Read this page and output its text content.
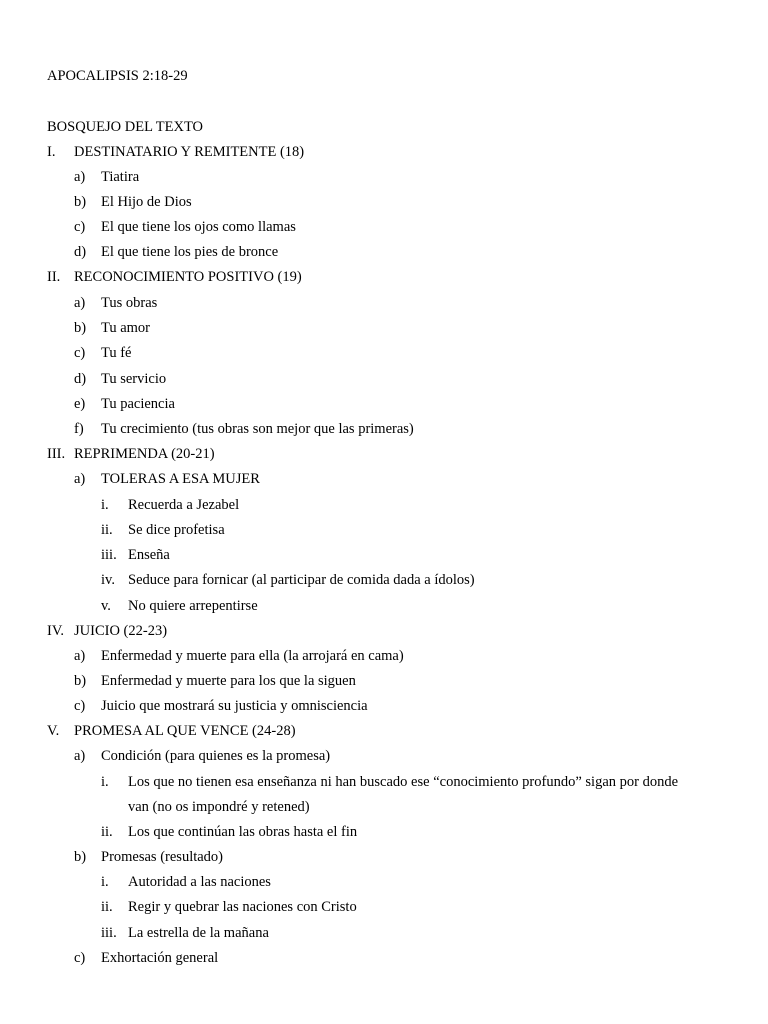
APOCALIPSIS 2:18-29
BOSQUEJO DEL TEXTO
I. DESTINATARIO Y REMITENTE (18)
a) Tiatira
b) El Hijo de Dios
c) El que tiene los ojos como llamas
d) El que tiene los pies de bronce
II. RECONOCIMIENTO POSITIVO (19)
a) Tus obras
b) Tu amor
c) Tu fé
d) Tu servicio
e) Tu paciencia
f) Tu crecimiento (tus obras son mejor que las primeras)
III. REPRIMENDA (20-21)
a) TOLERAS A ESA MUJER
i. Recuerda a Jezabel
ii. Se dice profetisa
iii. Enseña
iv. Seduce para fornicar (al participar de comida dada a ídolos)
v. No quiere arrepentirse
IV. JUICIO (22-23)
a) Enfermedad y muerte para ella (la arrojará en cama)
b) Enfermedad y muerte para los que la siguen
c) Juicio que mostrará su justicia y omnisciencia
V. PROMESA AL QUE VENCE (24-28)
a) Condición (para quienes es la promesa)
i. Los que no tienen esa enseñanza ni han buscado ese “conocimiento profundo” sigan por donde
van (no os impondré y retened)
ii. Los que continúan las obras hasta el fin
b) Promesas (resultado)
i. Autoridad a las naciones
ii. Regir y quebrar las naciones con Cristo
iii. La estrella de la mañana
c) Exhortación general
